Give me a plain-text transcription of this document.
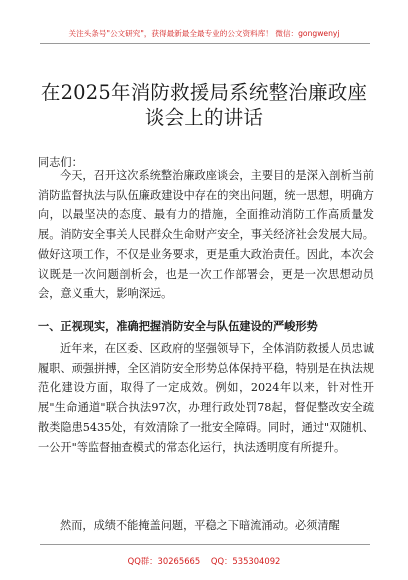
关注头条号"公文研究"，获得最新最全最专业的公文资料库！ 微信：gongwenyj
在2025年消防救援局系统整治廉政座
谈会上的讲话
同志们：
今天，召开这次系统整治廉政座谈会，主要目的是深入剖析当前消防监督执法与队伍廉政建设中存在的突出问题，统一思想，明确方向，以最坚决的态度、最有力的措施，全面推动消防工作高质量发展。消防安全事关人民群众生命财产安全，事关经济社会发展大局。做好这项工作，不仅是业务要求，更是重大政治责任。因此，本次会议既是一次问题剖析会，也是一次工作部署会，更是一次思想动员会，意义重大，影响深远。
一、正视现实，准确把握消防安全与队伍建设的严峻形势
近年来，在区委、区政府的坚强领导下，全体消防救援人员忠诚履职、顽强拼搏，全区消防安全形势总体保持平稳，特别是在执法规范化建设方面，取得了一定成效。例如，2024年以来，针对性开展"生命通道"联合执法97次，办理行政处罚78起，督促整改安全疏散类隐患5435处，有效清除了一批安全障碍。同时，通过"双随机、一公开"等监督抽查模式的常态化运行，执法透明度有所提升。
然而，成绩不能掩盖问题，平稳之下暗流涌动。必须清醒
QQ群：30265665 QQ：535304092
